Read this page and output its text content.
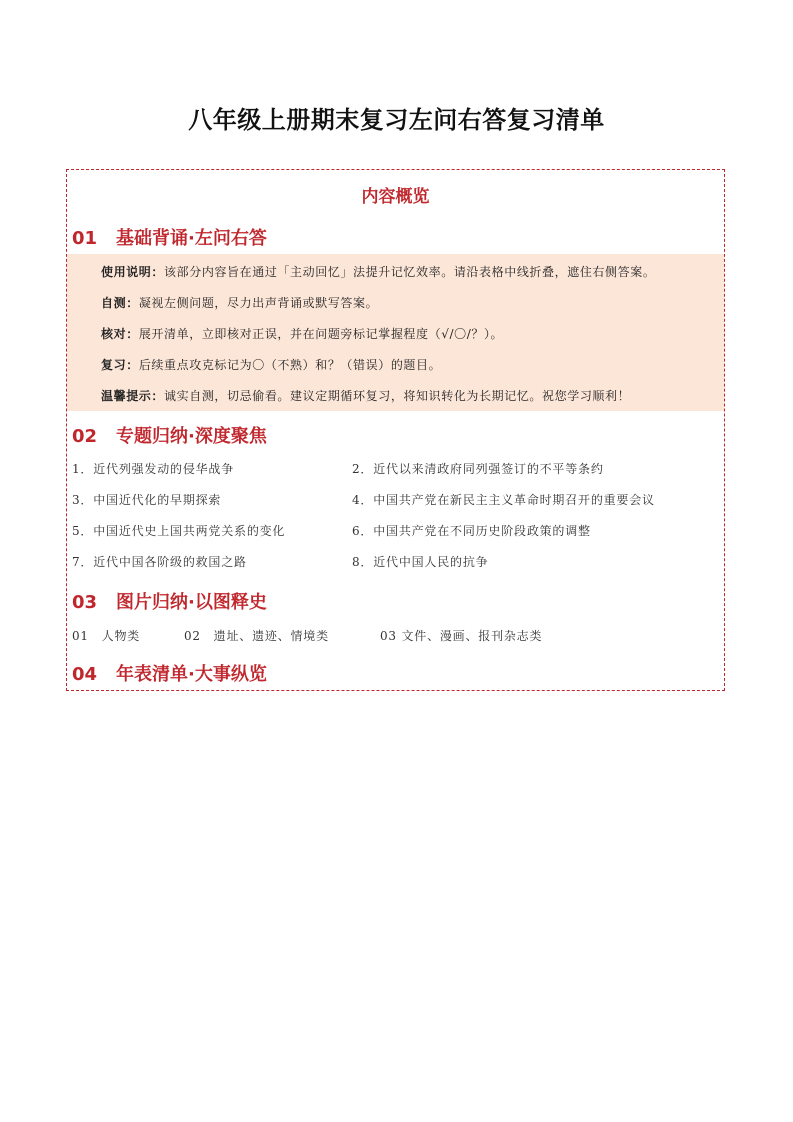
八年级上册期末复习左问右答复习清单
内容概览
01 基础背诵·左问右答
使用说明：该部分内容旨在通过「主动回忆」法提升记忆效率。请沿表格中线折叠，遮住右侧答案。
自测：凝视左侧问题，尽力出声背诵或默写答案。
核对：展开清单，立即核对正误，并在问题旁标记掌握程度（√/〇/？）。
复习：后续重点攻克标记为〇（不熟）和？（错误）的题目。
温馨提示：诚实自测，切忌偷看。建议定期循环复习，将知识转化为长期记忆。祝您学习顺利！
02 专题归纳·深度聚焦
1．近代列强发动的侵华战争	2．近代以来清政府同列强签订的不平等条约
3．中国近代化的早期探索	4．中国共产党在新民主主义革命时期召开的重要会议
5．中国近代史上国共两党关系的变化	6．中国共产党在不同历史阶段政策的调整
7．近代中国各阶级的救国之路	8．近代中国人民的抗争
03 图片归纳·以图释史
01　人物类	02　遗址、遗迹、情境类	03 文件、漫画、报刊杂志类
04 年表清单·大事纵览
